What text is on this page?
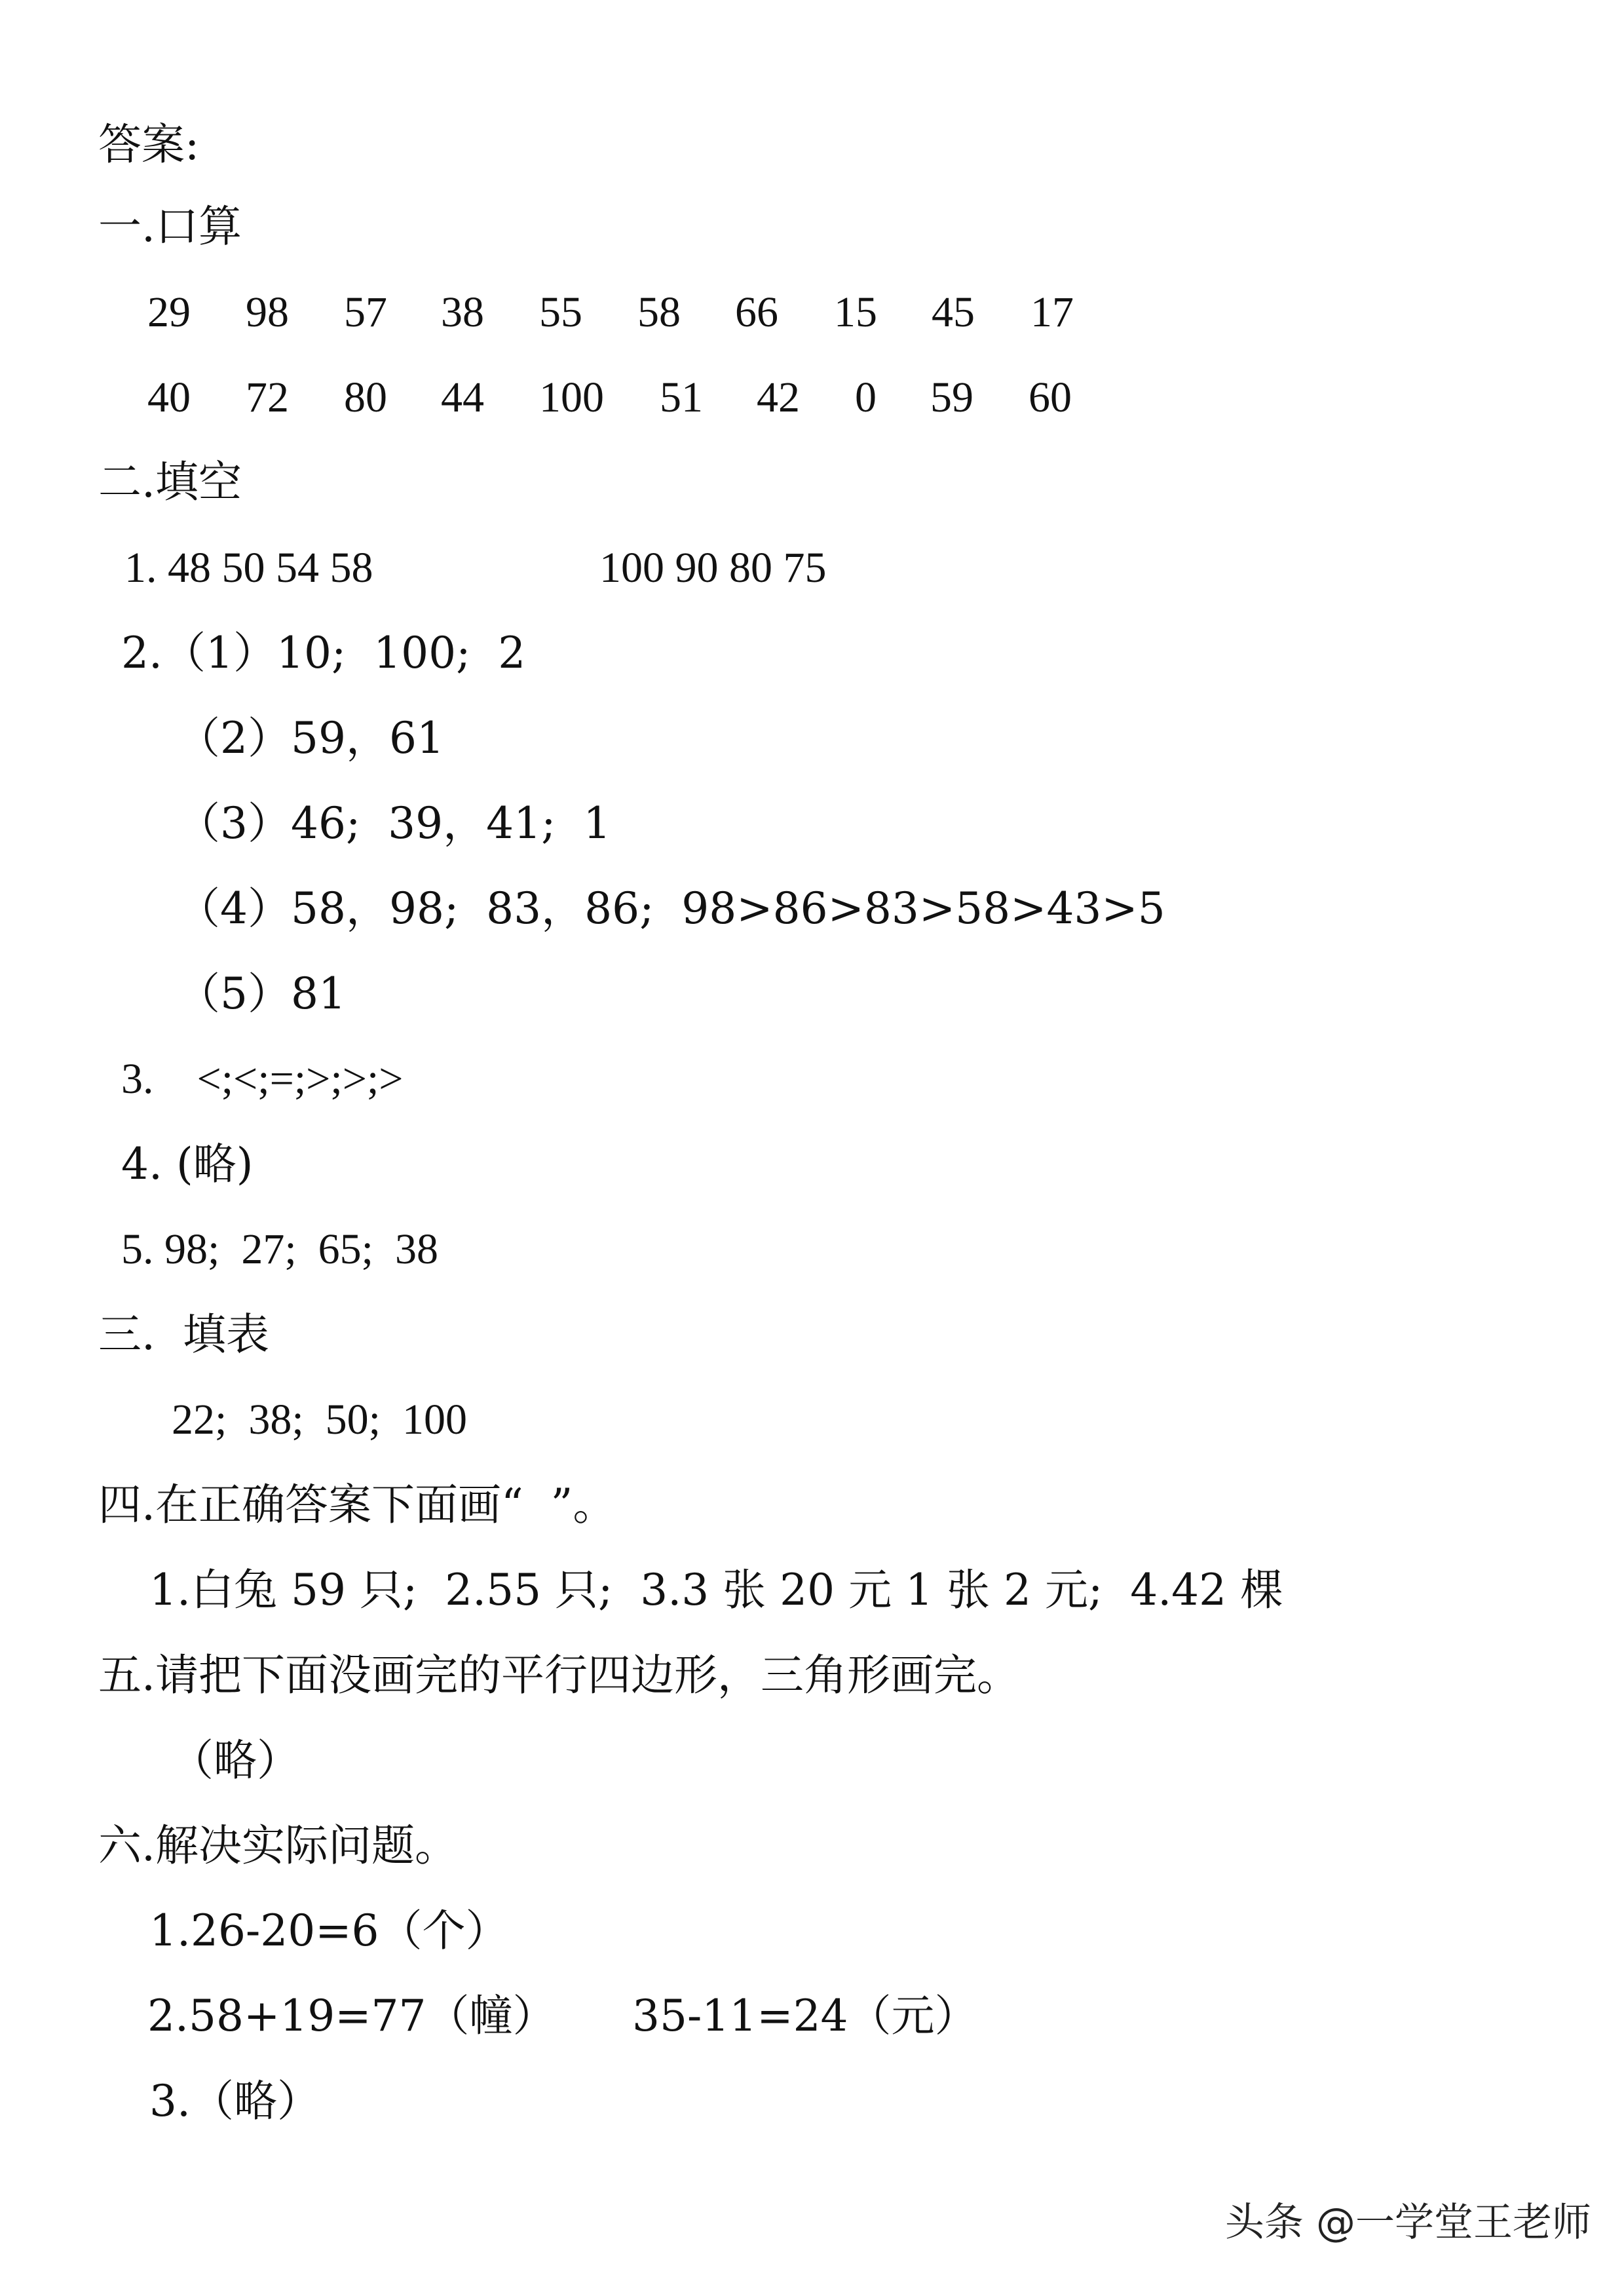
答案:
一.口算
29 98 57 38 55 58 66 15 45 17
40 72 80 44 100 51 42 0 59 60
二.填空
1. 48 50 54 58	100 90 80 75
2.（1）10;  100;  2
（2）59，61
（3）46;  39，41;  1
（4）58，98;  83，86;  98>86>83>58>43>5
（5）81
3.    <;<;=;>;>;>
4. (略)
5. 98;  27;  65;  38
三.  填表
22;  38;  50;  100
四.在正确答案下面画“  ”。
1.白兔 59 只;  2.55 只;  3.3 张 20 元 1 张 2 元;  4.42 棵
五.请把下面没画完的平行四边形，三角形画完。
（略）
六.解决实际问题。
1.26-20=6（个）
2.58+19=77（幢） 35-11=24（元）
3.（略）
头条 @一学堂王老师
